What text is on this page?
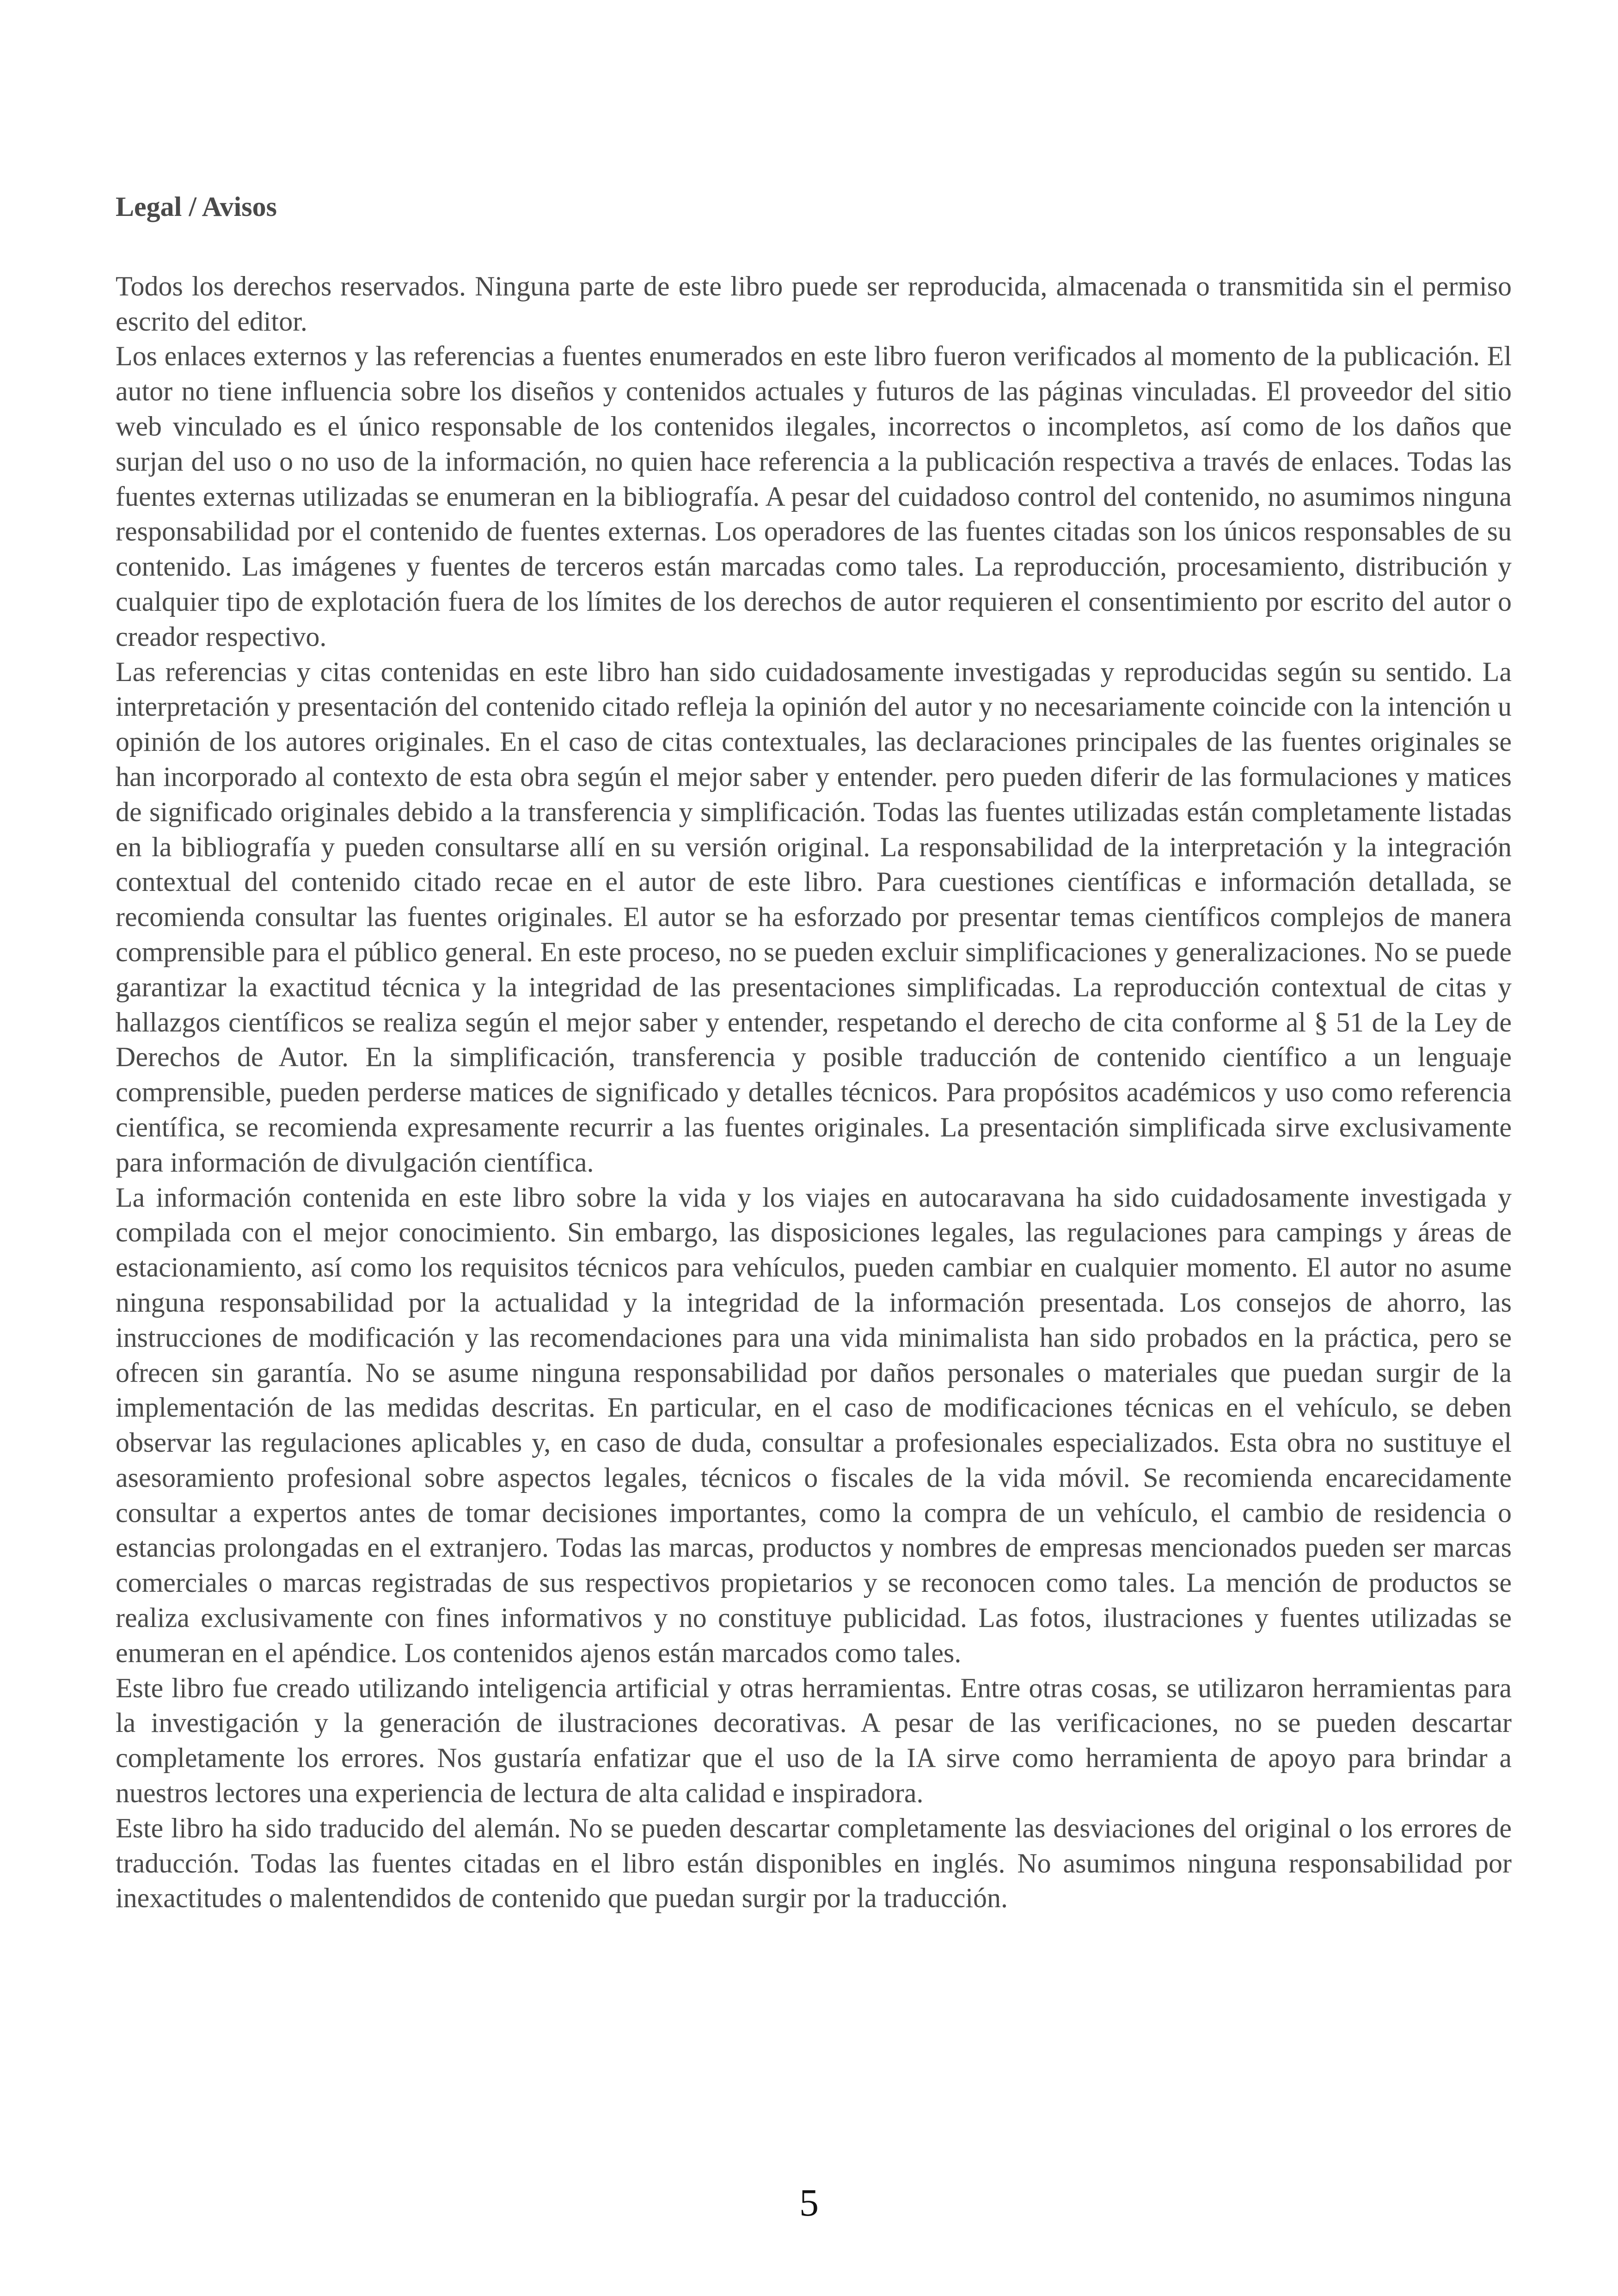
Legal / Avisos

Todos los derechos reservados. Ninguna parte de este libro puede ser reproducida, almacenada o transmitida sin el permiso escrito del editor.

Los enlaces externos y las referencias a fuentes enumerados en este libro fueron verificados al momento de la publicación. El autor no tiene influencia sobre los diseños y contenidos actuales y futuros de las páginas vinculadas. El proveedor del sitio web vinculado es el único responsable de los contenidos ilegales, incorrectos o incompletos, así como de los daños que surjan del uso o no uso de la información, no quien hace referencia a la publicación respectiva a través de enlaces. Todas las fuentes externas utilizadas se enumeran en la bibliografía. A pesar del cuidadoso control del contenido, no asumimos ninguna responsabilidad por el contenido de fuentes externas. Los operadores de las fuentes citadas son los únicos responsables de su contenido. Las imágenes y fuentes de terceros están marcadas como tales. La reproducción, procesamiento, distribución y cualquier tipo de explotación fuera de los límites de los derechos de autor requieren el consentimiento por escrito del autor o creador respectivo.

Las referencias y citas contenidas en este libro han sido cuidadosamente investigadas y reproducidas según su sentido. La interpretación y presentación del contenido citado refleja la opinión del autor y no necesariamente coincide con la intención u opinión de los autores originales. En el caso de citas contextuales, las declaraciones principales de las fuentes originales se han incorporado al contexto de esta obra según el mejor saber y entender. pero pueden diferir de las formulaciones y matices de significado originales debido a la transferencia y simplificación. Todas las fuentes utilizadas están completamente listadas en la bibliografía y pueden consultarse allí en su versión original. La responsabilidad de la interpretación y la integración contextual del contenido citado recae en el autor de este libro. Para cuestiones científicas e información detallada, se recomienda consultar las fuentes originales. El autor se ha esforzado por presentar temas científicos complejos de manera comprensible para el público general. En este proceso, no se pueden excluir simplificaciones y generalizaciones. No se puede garantizar la exactitud técnica y la integridad de las presentaciones simplificadas. La reproducción contextual de citas y hallazgos científicos se realiza según el mejor saber y entender, respetando el derecho de cita conforme al § 51 de la Ley de Derechos de Autor. En la simplificación, transferencia y posible traducción de contenido científico a un lenguaje comprensible, pueden perderse matices de significado y detalles técnicos. Para propósitos académicos y uso como referencia científica, se recomienda expresamente recurrir a las fuentes originales. La presentación simplificada sirve exclusivamente para información de divulgación científica.

La información contenida en este libro sobre la vida y los viajes en autocaravana ha sido cuidadosamente investigada y compilada con el mejor conocimiento. Sin embargo, las disposiciones legales, las regulaciones para campings y áreas de estacionamiento, así como los requisitos técnicos para vehículos, pueden cambiar en cualquier momento. El autor no asume ninguna responsabilidad por la actualidad y la integridad de la información presentada. Los consejos de ahorro, las instrucciones de modificación y las recomendaciones para una vida minimalista han sido probados en la práctica, pero se ofrecen sin garantía. No se asume ninguna responsabilidad por daños personales o materiales que puedan surgir de la implementación de las medidas descritas. En particular, en el caso de modificaciones técnicas en el vehículo, se deben observar las regulaciones aplicables y, en caso de duda, consultar a profesionales especializados. Esta obra no sustituye el asesoramiento profesional sobre aspectos legales, técnicos o fiscales de la vida móvil. Se recomienda encarecidamente consultar a expertos antes de tomar decisiones importantes, como la compra de un vehículo, el cambio de residencia o estancias prolongadas en el extranjero. Todas las marcas, productos y nombres de empresas mencionados pueden ser marcas comerciales o marcas registradas de sus respectivos propietarios y se reconocen como tales. La mención de productos se realiza exclusivamente con fines informativos y no constituye publicidad. Las fotos, ilustraciones y fuentes utilizadas se enumeran en el apéndice. Los contenidos ajenos están marcados como tales.

Este libro fue creado utilizando inteligencia artificial y otras herramientas. Entre otras cosas, se utilizaron herramientas para la investigación y la generación de ilustraciones decorativas. A pesar de las verificaciones, no se pueden descartar completamente los errores. Nos gustaría enfatizar que el uso de la IA sirve como herramienta de apoyo para brindar a nuestros lectores una experiencia de lectura de alta calidad e inspiradora.

Este libro ha sido traducido del alemán. No se pueden descartar completamente las desviaciones del original o los errores de traducción. Todas las fuentes citadas en el libro están disponibles en inglés. No asumimos ninguna responsabilidad por inexactitudes o malentendidos de contenido que puedan surgir por la traducción.

5
